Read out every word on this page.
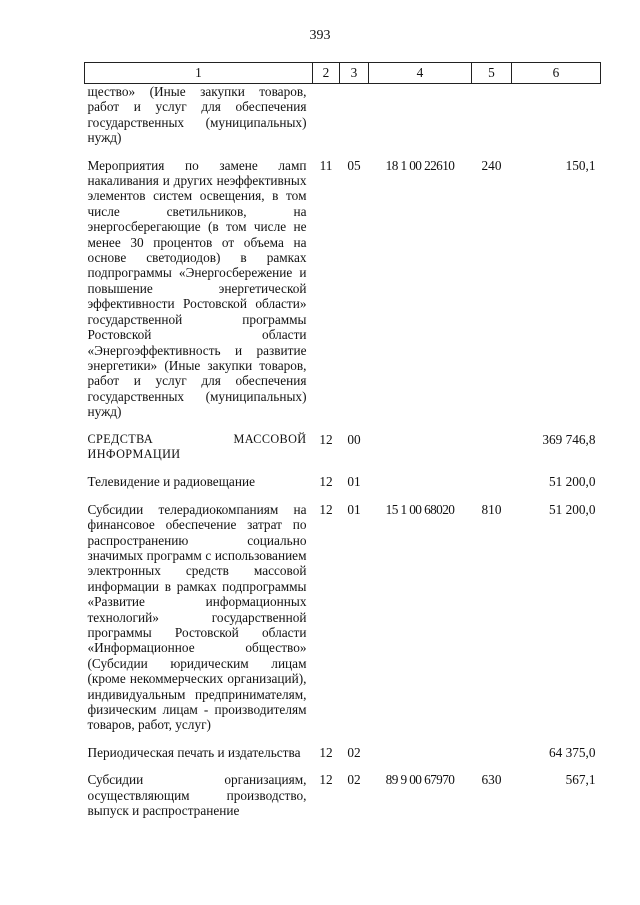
393
1	2	3	4	5	6
щество» (Иные закупки товаров, работ и услуг для обеспечения государственных (муниципальных) нужд)					
Мероприятия по замене ламп накаливания и других неэффективных элементов систем освещения, в том числе светильников, на энергосберегающие (в том числе не менее 30 процентов от объема на основе светодиодов) в рамках подпрограммы «Энергосбережение и повышение энергетической эффективности Ростовской области» государственной программы Ростовской области «Энергоэффективность и развитие энергетики» (Иные закупки товаров, работ и услуг для обеспечения государственных (муниципальных) нужд)	11	05	18 1 00 22610	240	150,1
СРЕДСТВА МАССОВОЙ ИНФОРМАЦИИ	12	00			369 746,8
Телевидение и радиовещание	12	01			51 200,0
Субсидии телерадиокомпаниям на финансовое обеспечение затрат по распространению социально значимых программ с использованием электронных средств массовой информации в рамках подпрограммы «Развитие информационных технологий» государственной программы Ростовской области «Информационное общество» (Субсидии юридическим лицам (кроме некоммерческих организаций), индивидуальным предпринимателям, физическим лицам - производителям товаров, работ, услуг)	12	01	15 1 00 68020	810	51 200,0
Периодическая печать и издательства	12	02			64 375,0
Субсидии организациям, осуществляющим производство, выпуск и распространение	12	02	89 9 00 67970	630	567,1
